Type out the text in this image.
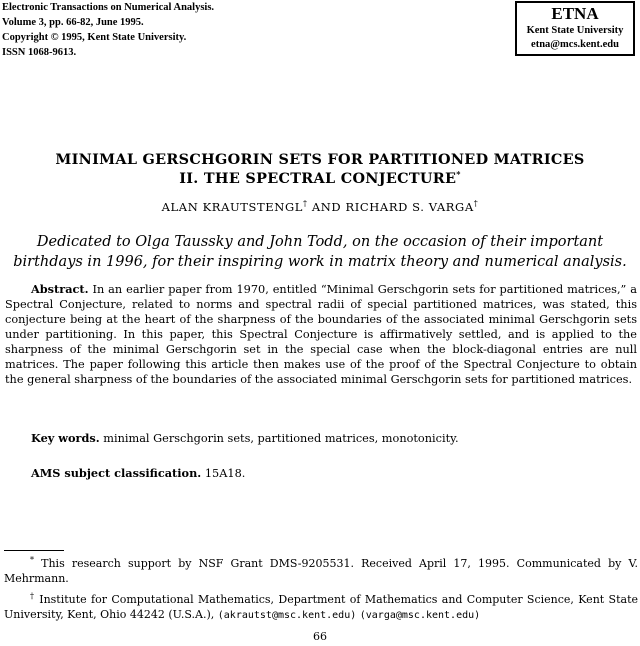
Electronic Transactions on Numerical Analysis.
Volume 3, pp. 66-82, June 1995.
Copyright © 1995, Kent State University.
ISSN 1068-9613.
ETNA
Kent State University
etna@mcs.kent.edu
MINIMAL GERSCHGORIN SETS FOR PARTITIONED MATRICES
II. THE SPECTRAL CONJECTURE*
ALAN KRAUTSTENGL† AND RICHARD S. VARGA†
Dedicated to Olga Taussky and John Todd, on the occasion of their important birthdays in 1996, for their inspiring work in matrix theory and numerical analysis.
Abstract. In an earlier paper from 1970, entitled “Minimal Gerschgorin sets for partitioned matrices,” a Spectral Conjecture, related to norms and spectral radii of special partitioned matrices, was stated, this conjecture being at the heart of the sharpness of the boundaries of the associated minimal Gerschgorin sets under partitioning. In this paper, this Spectral Conjecture is affirmatively settled, and is applied to the sharpness of the minimal Gerschgorin set in the special case when the block-diagonal entries are null matrices. The paper following this article then makes use of the proof of the Spectral Conjecture to obtain the general sharpness of the boundaries of the associated minimal Gerschgorin sets for partitioned matrices.
Key words. minimal Gerschgorin sets, partitioned matrices, monotonicity.
AMS subject classification. 15A18.
* This research support by NSF Grant DMS-9205531. Received April 17, 1995. Communicated by V. Mehrmann.
† Institute for Computational Mathematics, Department of Mathematics and Computer Science, Kent State University, Kent, Ohio 44242 (U.S.A.), (akrautst@msc.kent.edu) (varga@msc.kent.edu)
66
